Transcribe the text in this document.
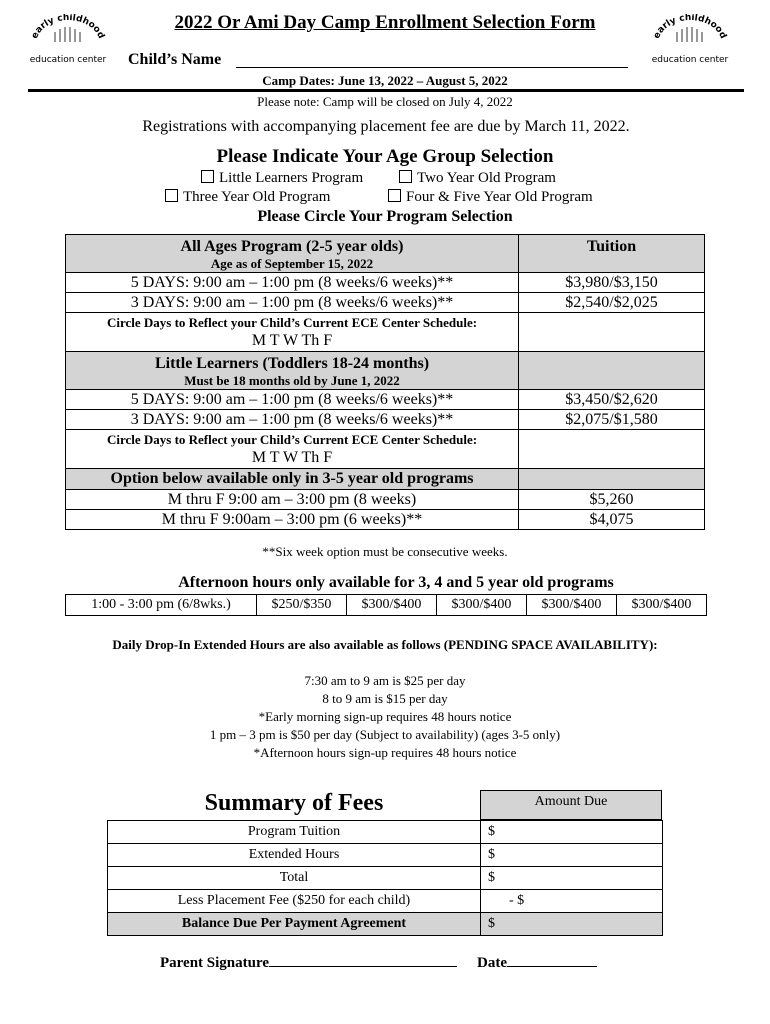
early childhood
education center
early childhood
education center
2022 Or Ami Day Camp Enrollment Selection Form
Child’s Name
Camp Dates: June 13, 2022 – August 5, 2022
Please note: Camp will be closed on July 4, 2022
Registrations with accompanying placement fee are due by March 11, 2022.
Please Indicate Your Age Group Selection
Little Learners Program	Two Year Old Program
Three Year Old Program	Four & Five Year Old Program
Please Circle Your Program Selection
All Ages Program (2-5 year olds)
Age as of September 15, 2022	Tuition
5 DAYS: 9:00 am – 1:00 pm (8 weeks/6 weeks)**	$3,980/$3,150
3 DAYS: 9:00 am – 1:00 pm (8 weeks/6 weeks)**	$2,540/$2,025

Circle Days to Reflect your Child’s Current ECE Center Schedule:
M T W Th F	

Little Learners (Toddlers 18-24 months)
Must be 18 months old by June 1, 2022	

5 DAYS: 9:00 am – 1:00 pm (8 weeks/6 weeks)**	$3,450/$2,620
3 DAYS: 9:00 am – 1:00 pm (8 weeks/6 weeks)**	$2,075/$1,580

Circle Days to Reflect your Child’s Current ECE Center Schedule:
M T W Th F	

Option below available only in 3-5 year old programs	
M thru F 9:00 am – 3:00 pm (8 weeks)	$5,260
M thru F 9:00am – 3:00 pm (6 weeks)**	$4,075
**Six week option must be consecutive weeks.
Afternoon hours only available for 3, 4 and 5 year old programs
1:00 - 3:00 pm (6/8wks.)	$250/$350	$300/$400	$300/$400	$300/$400	$300/$400
Daily Drop-In Extended Hours are also available as follows (PENDING SPACE AVAILABILITY):
7:30 am to 9 am is $25 per day
8 to 9 am is $15 per day
*Early morning sign-up requires 48 hours notice
1 pm – 3 pm is $50 per day (Subject to availability) (ages 3-5 only)
*Afternoon hours sign-up requires 48 hours notice
Summary of Fees	Amount Due
Program Tuition	$
Extended Hours	$
Total	$
Less Placement Fee ($250 for each child)	- $
Balance Due Per Payment Agreement	$
Parent Signature	Date
